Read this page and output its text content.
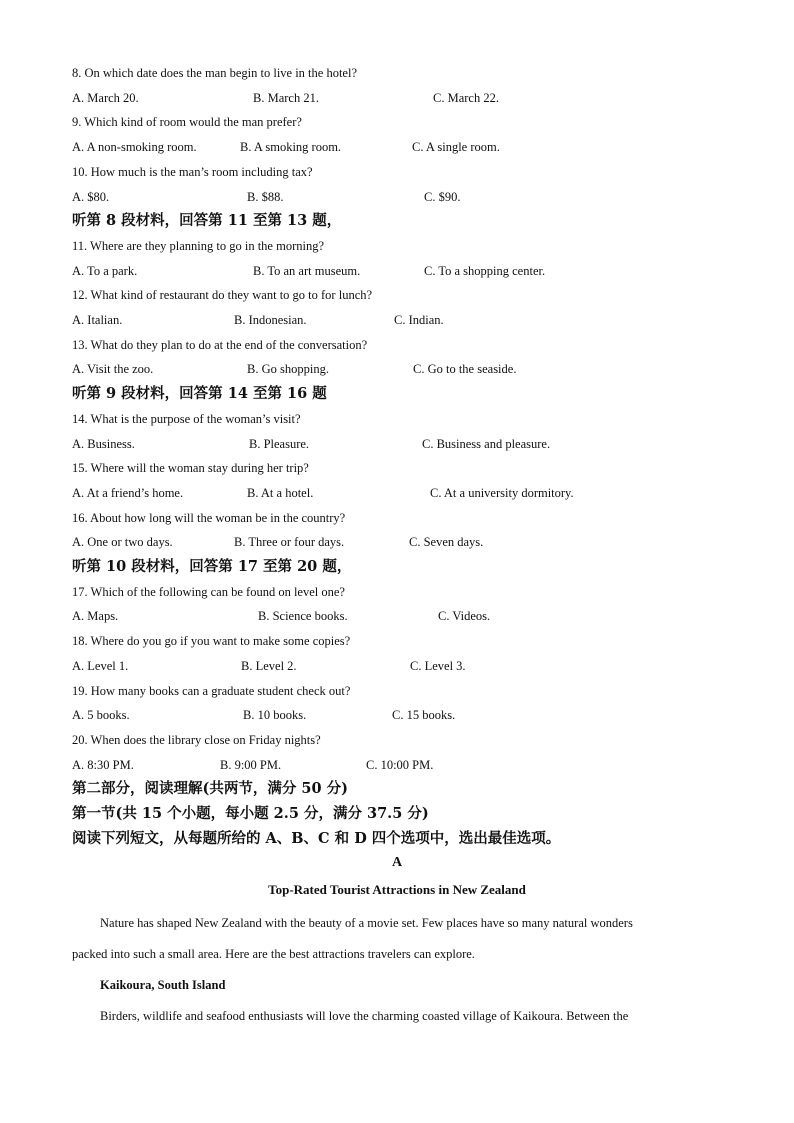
8. On which date does the man begin to live in the hotel?
A. March 20.	B. March 21.	C. March 22.
9. Which kind of room would the man prefer?
A. A non-smoking room.	B. A smoking room.	C. A single room.
10. How much is the man’s room including tax?
A. $80.	B. $88.	C. $90.
听第 8 段材料，回答第 11 至第 13 题，
11. Where are they planning to go in the morning?
A. To a park.	B. To an art museum.	C. To a shopping center.
12. What kind of restaurant do they want to go to for lunch?
A. Italian.	B. Indonesian.	C. Indian.
13. What do they plan to do at the end of the conversation?
A. Visit the zoo.	B. Go shopping.	C. Go to the seaside.
听第 9 段材料，回答第 14 至第 16 题
14. What is the purpose of the woman’s visit?
A. Business.	B. Pleasure.	C. Business and pleasure.
15. Where will the woman stay during her trip?
A. At a friend’s home.	B. At a hotel.	C. At a university dormitory.
16. About how long will the woman be in the country?
A. One or two days.	B. Three or four days.	C. Seven days.
听第 10 段材料，回答第 17 至第 20 题，
17. Which of the following can be found on level one?
A. Maps.	B. Science books.	C. Videos.
18. Where do you go if you want to make some copies?
A. Level 1.	B. Level 2.	C. Level 3.
19. How many books can a graduate student check out?
A. 5 books.	B. 10 books.	C. 15 books.
20. When does the library close on Friday nights?
A. 8:30 PM.	B. 9:00 PM.	C. 10:00 PM.
第二部分，阅读理解(共两节，满分 50 分)
第一节(共 15 个小题，每小题 2.5 分，满分 37.5 分)
阅读下列短文，从每题所给的 A、B、C 和 D 四个选项中，选出最佳选项。
A
Top-Rated Tourist Attractions in New Zealand
Nature has shaped New Zealand with the beauty of a movie set. Few places have so many natural wonders
packed into such a small area. Here are the best attractions travelers can explore.
Kaikoura, South Island
Birders, wildlife and seafood enthusiasts will love the charming coasted village of Kaikoura. Between the
